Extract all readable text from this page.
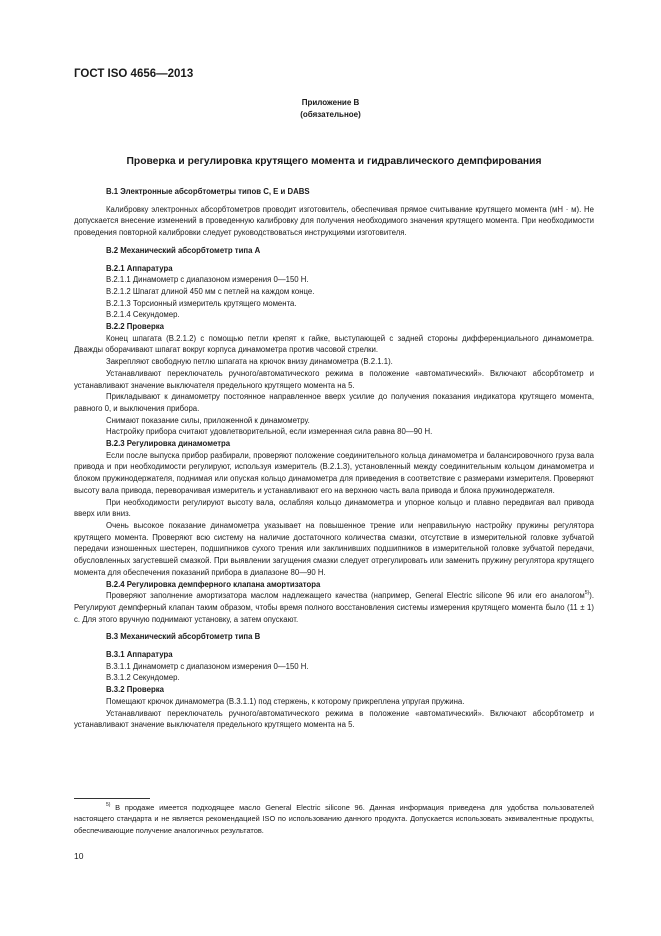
ГОСТ ISO 4656—2013

Приложение В
(обязательное)

Проверка и регулировка крутящего момента и гидравлического демпфирования

В.1 Электронные абсорбтометры типов С, Е и DABS

Калибровку электронных абсорбтометров проводит изготовитель, обеспечивая прямое считывание крутящего момента (мН · м). Не допускается внесение изменений в проведенную калибровку для получения необходимого значения крутящего момента. При необходимости проведения повторной калибровки следует руководствоваться инструкциями изготовителя.

В.2 Механический абсорбтометр типа А

В.2.1 Аппаратура

В.2.1.1 Динамометр с диапазоном измерения 0—150 Н.

В.2.1.2 Шпагат длиной 450 мм с петлей на каждом конце.

В.2.1.3 Торсионный измеритель крутящего момента.

В.2.1.4 Секундомер.

В.2.2 Проверка

Конец шпагата (В.2.1.2) с помощью петли крепят к гайке, выступающей с задней стороны дифференциального динамометра. Дважды оборачивают шпагат вокруг корпуса динамометра против часовой стрелки.

Закрепляют свободную петлю шпагата на крючок внизу динамометра (В.2.1.1).

Устанавливают переключатель ручного/автоматического режима в положение «автоматический». Включают абсорбтометр и устанавливают значение выключателя предельного крутящего момента на 5.

Прикладывают к динамометру постоянное направленное вверх усилие до получения показания индикатора крутящего момента, равного 0, и выключения прибора.

Снимают показание силы, приложенной к динамометру.

Настройку прибора считают удовлетворительной, если измеренная сила равна 80—90 Н.

В.2.3 Регулировка динамометра

Если после выпуска прибор разбирали, проверяют положение соединительного кольца динамометра и балансировочного груза вала привода и при необходимости регулируют, используя измеритель (В.2.1.3), установленный между соединительным кольцом динамометра и блоком пружинодержателя, поднимая или опуская кольцо динамометра для приведения в соответствие с размерами измерителя. Проверяют высоту вала привода, переворачивая измеритель и устанавливают его на верхнюю часть вала привода и блока пружинодержателя.

При необходимости регулируют высоту вала, ослабляя кольцо динамометра и упорное кольцо и плавно передвигая вал привода вверх или вниз.

Очень высокое показание динамометра указывает на повышенное трение или неправильную настройку пружины регулятора крутящего момента. Проверяют всю систему на наличие достаточного количества смазки, отсутствие в измерительной головке зубчатой передачи изношенных шестерен, подшипников сухого трения или заклинивших подшипников в измерительной головке зубчатой передачи, обусловленных загустевшей смазкой. При выявлении загущения смазки следует отрегулировать или заменить пружину регулятора крутящего момента для обеспечения показаний прибора в диапазоне 80—90 Н.

В.2.4 Регулировка демпферного клапана амортизатора

Проверяют заполнение амортизатора маслом надлежащего качества (например, General Electric silicone 96 или его аналогом$^{5)}$). Регулируют демпферный клапан таким образом, чтобы время полного восстановления системы измерения крутящего момента было (11 ± 1) с. Для этого вручную поднимают установку, а затем опускают.

В.3 Механический абсорбтометр типа В

В.3.1 Аппаратура

В.3.1.1 Динамометр с диапазоном измерения 0—150 Н.

В.3.1.2 Секундомер.

В.3.2 Проверка

Помещают крючок динамометра (В.3.1.1) под стержень, к которому прикреплена упругая пружина.

Устанавливают переключатель ручного/автоматического режима в положение «автоматический». Включают абсорбтометр и устанавливают значение выключателя предельного крутящего момента на 5.

$^{5)}$ В продаже имеется подходящее масло General Electric silicone 96. Данная информация приведена для удобства пользователей настоящего стандарта и не является рекомендацией ISO по использованию данного продукта. Допускается использовать эквивалентные продукты, обеспечивающие получение аналогичных результатов.

10
